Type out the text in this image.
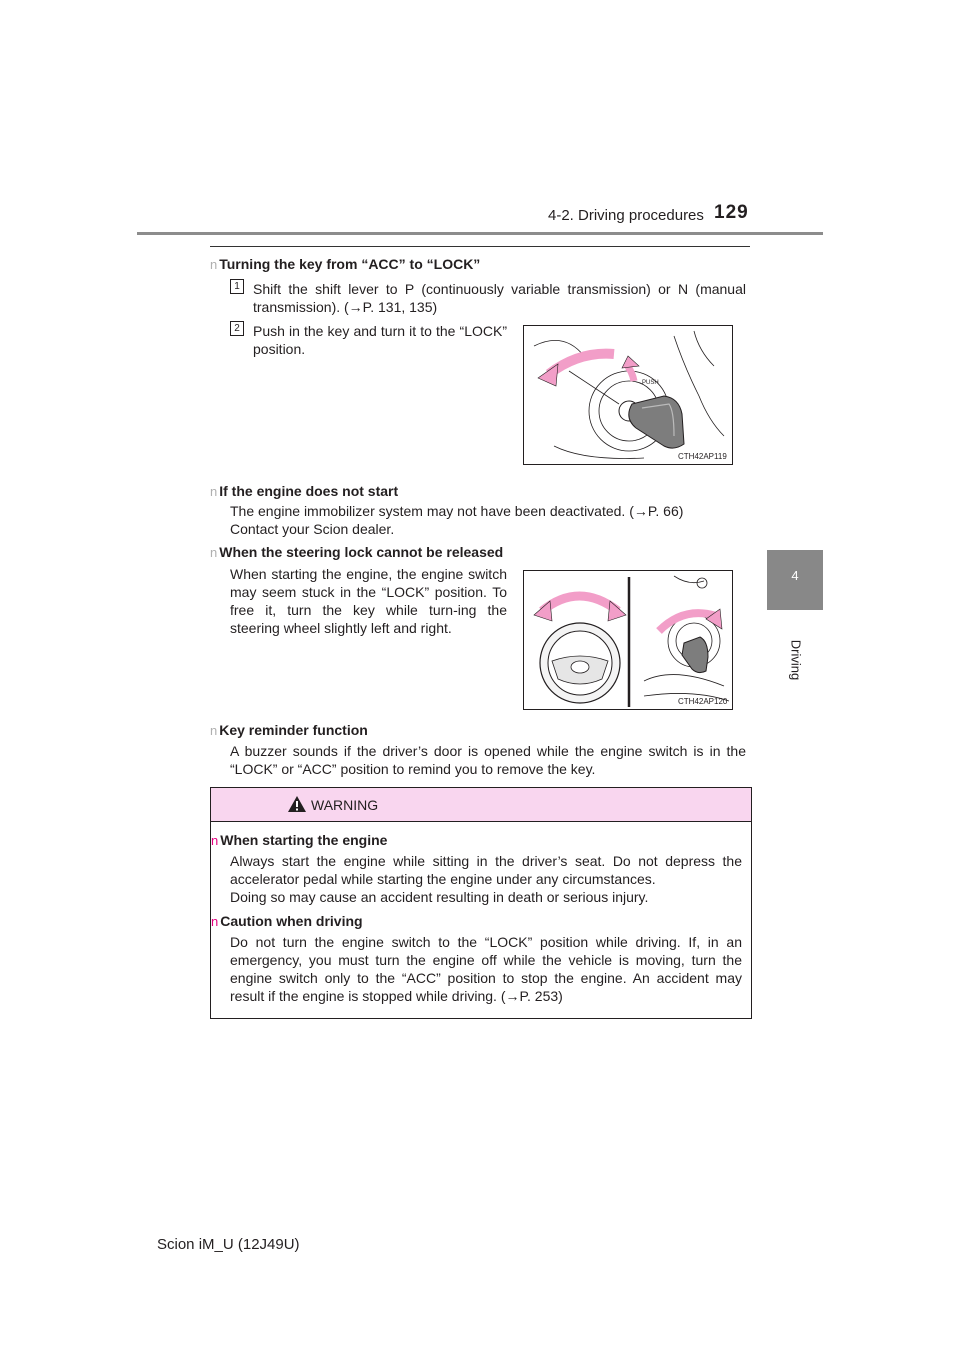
4-2. Driving procedures 129
4
Driving
n Turning the key from “ACC” to “LOCK”
1 Shift the shift lever to P (continuously variable transmission) or N (manual transmission). (→P. 131, 135)
2 Push in the key and turn it to the “LOCK” position.
PUSH
CTH42AP119
n If the engine does not start
The engine immobilizer system may not have been deactivated. (→P. 66)
Contact your Scion dealer.
n When the steering lock cannot be released
When starting the engine, the engine switch may seem stuck in the “LOCK” position. To free it, turn the key while turn-ing the steering wheel slightly left and right.
CTH42AP120
n Key reminder function
A buzzer sounds if the driver’s door is opened while the engine switch is in the “LOCK” or “ACC” position to remind you to remove the key.
WARNING
n When starting the engine
Always start the engine while sitting in the driver’s seat. Do not depress the accelerator pedal while starting the engine under any circumstances.
Doing so may cause an accident resulting in death or serious injury.
n Caution when driving
Do not turn the engine switch to the “LOCK” position while driving. If, in an emergency, you must turn the engine off while the vehicle is moving, turn the engine switch only to the “ACC” position to stop the engine. An accident may result if the engine is stopped while driving. (→P. 253)
Scion iM_U (12J49U)
